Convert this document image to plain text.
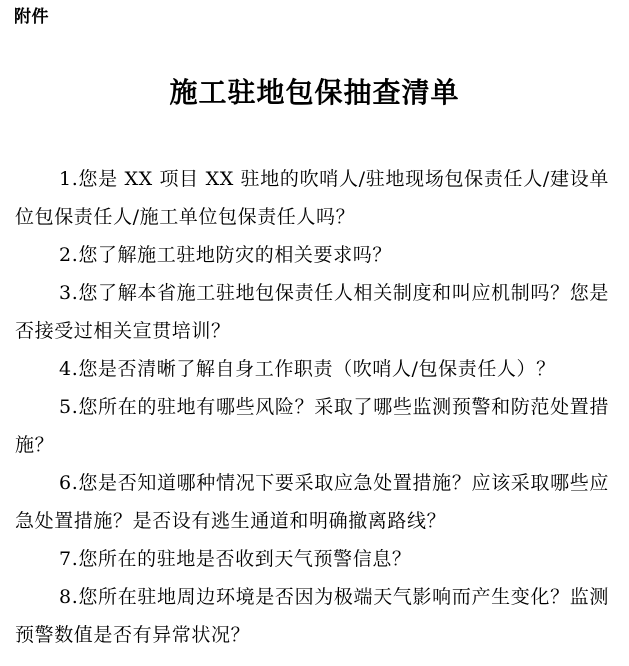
附件
施工驻地包保抽查清单

1.您是 XX 项目 XX 驻地的吹哨人/驻地现场包保责任人/建设单位包保责任人/施工单位包保责任人吗？

2.您了解施工驻地防灾的相关要求吗？

3.您了解本省施工驻地包保责任人相关制度和叫应机制吗？您是否接受过相关宣贯培训？

4.您是否清晰了解自身工作职责（吹哨人/包保责任人）？

5.您所在的驻地有哪些风险？采取了哪些监测预警和防范处置措施？

6.您是否知道哪种情况下要采取应急处置措施？应该采取哪些应急处置措施？是否设有逃生通道和明确撤离路线？

7.您所在的驻地是否收到天气预警信息？

8.您所在驻地周边环境是否因为极端天气影响而产生变化？监测预警数值是否有异常状况？
